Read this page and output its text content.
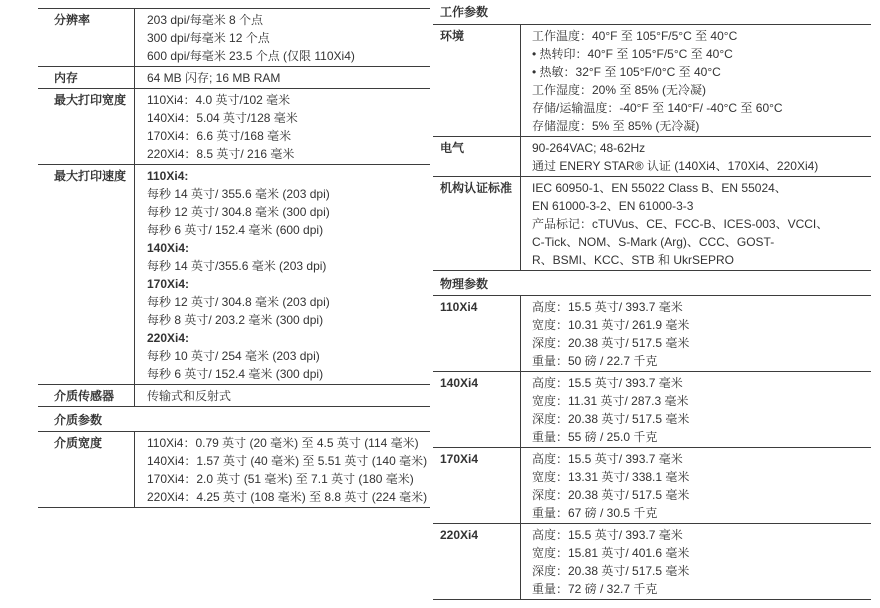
分辨率	203 dpi/每毫米 8 个点
300 dpi/每毫米 12 个点
600 dpi/每毫米 23.5 个点 (仅限 110Xi4)
内存	64 MB 闪存; 16 MB RAM
最大打印宽度	110Xi4：4.0 英寸/102 毫米
140Xi4：5.04 英寸/128 毫米
170Xi4：6.6 英寸/168 毫米
220Xi4：8.5 英寸/ 216 毫米
最大打印速度	110Xi4:
每秒 14 英寸/ 355.6 毫米 (203 dpi)
每秒 12 英寸/ 304.8 毫米 (300 dpi)
每秒 6 英寸/ 152.4 毫米 (600 dpi)
140Xi4:
每秒 14 英寸/355.6 毫米 (203 dpi)
170Xi4:
每秒 12 英寸/ 304.8 毫米 (203 dpi)
每秒 8 英寸/ 203.2 毫米 (300 dpi)
220Xi4:
每秒 10 英寸/ 254 毫米 (203 dpi)
每秒 6 英寸/ 152.4 毫米 (300 dpi)
介质传感器	传输式和反射式
介质参数
介质宽度	110Xi4：0.79 英寸 (20 毫米) 至 4.5 英寸 (114 毫米)
140Xi4：1.57 英寸 (40 毫米) 至 5.51 英寸 (140 毫米)
170Xi4：2.0 英寸 (51 毫米) 至 7.1 英寸 (180 毫米)
220Xi4：4.25 英寸 (108 毫米) 至 8.8 英寸 (224 毫米)
工作参数
环境	工作温度：40°F 至 105°F/5°C 至 40°C
• 热转印：40°F 至 105°F/5°C 至 40°C
• 热敏：32°F 至 105°F/0°C 至 40°C
工作湿度：20% 至 85% (无冷凝)
存储/运输温度：-40°F 至 140°F/ -40°C 至 60°C
存储湿度：5% 至 85% (无冷凝)
电气	90-264VAC; 48-62Hz
通过 ENERY STAR® 认证 (140Xi4、170Xi4、220Xi4)
机构认证标准	IEC 60950-1、EN 55022 Class B、EN 55024、
EN 61000-3-2、EN 61000-3-3
产品标记：cTUVus、CE、FCC-B、ICES-003、VCCI、
C-Tick、NOM、S-Mark (Arg)、CCC、GOST-
R、BSMI、KCC、STB 和 UkrSEPRO
物理参数
110Xi4	高度：15.5 英寸/ 393.7 毫米
宽度：10.31 英寸/ 261.9 毫米
深度：20.38 英寸/ 517.5 毫米
重量：50 磅 / 22.7 千克
140Xi4	高度：15.5 英寸/ 393.7 毫米
宽度：11.31 英寸/ 287.3 毫米
深度：20.38 英寸/ 517.5 毫米
重量：55 磅 / 25.0 千克
170Xi4	高度：15.5 英寸/ 393.7 毫米
宽度：13.31 英寸/ 338.1 毫米
深度：20.38 英寸/ 517.5 毫米
重量：67 磅 / 30.5 千克
220Xi4	高度：15.5 英寸/ 393.7 毫米
宽度：15.81 英寸/ 401.6 毫米
深度：20.38 英寸/ 517.5 毫米
重量：72 磅 / 32.7 千克
